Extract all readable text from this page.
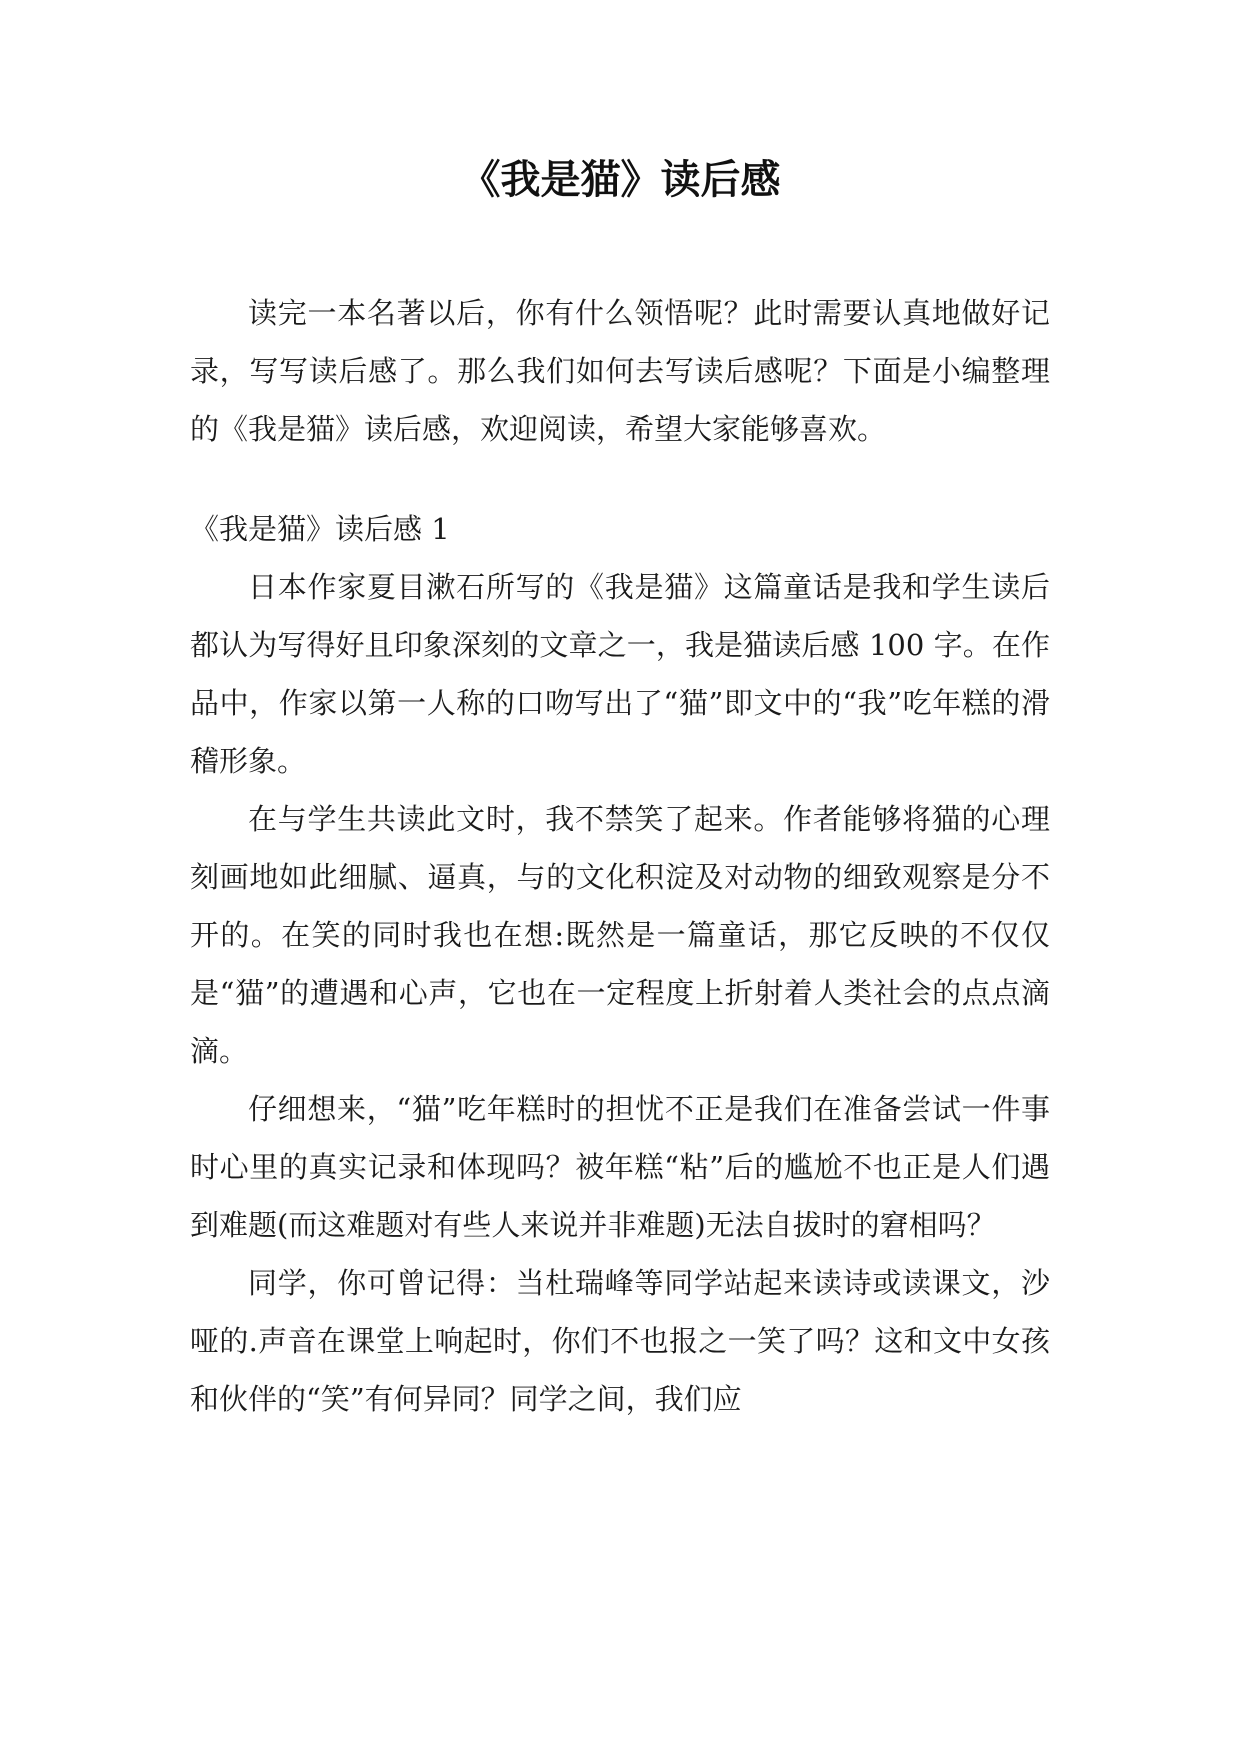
《我是猫》读后感

读完一本名著以后，你有什么领悟呢？此时需要认真地做好记录，写写读后感了。那么我们如何去写读后感呢？下面是小编整理的《我是猫》读后感，欢迎阅读，希望大家能够喜欢。

《我是猫》读后感 1

日本作家夏目漱石所写的《我是猫》这篇童话是我和学生读后都认为写得好且印象深刻的文章之一，我是猫读后感 100 字。在作品中，作家以第一人称的口吻写出了“猫”即文中的“我”吃年糕的滑稽形象。

在与学生共读此文时，我不禁笑了起来。作者能够将猫的心理刻画地如此细腻、逼真，与的文化积淀及对动物的细致观察是分不开的。在笑的同时我也在想:既然是一篇童话，那它反映的不仅仅是“猫”的遭遇和心声，它也在一定程度上折射着人类社会的点点滴滴。

仔细想来，“猫”吃年糕时的担忧不正是我们在准备尝试一件事时心里的真实记录和体现吗？被年糕“粘”后的尴尬不也正是人们遇到难题(而这难题对有些人来说并非难题)无法自拔时的窘相吗？

同学，你可曾记得：当杜瑞峰等同学站起来读诗或读课文，沙哑的.声音在课堂上响起时，你们不也报之一笑了吗？这和文中女孩和伙伴的“笑”有何异同？同学之间，我们应
